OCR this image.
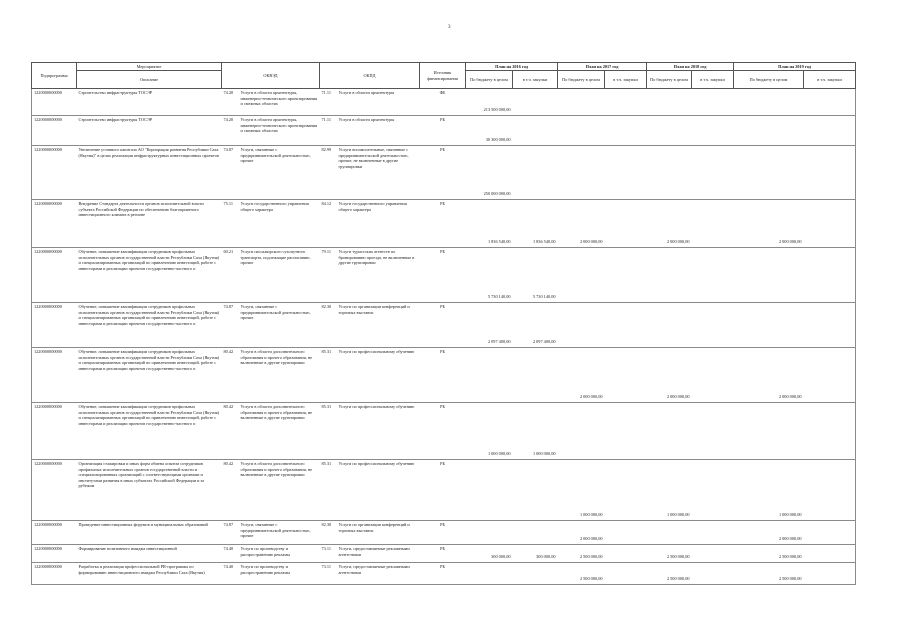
3
Подпрограмма	Мероприятие	ОКВЭД	ОКПД	Источник финансирования	План на 2016 год		План на 2017 год		План на 2018 год		План на 2019 год	
	Описание				По бюджету в целом	в т.ч. закупки	По бюджету в целом	в т.ч. закупки	По бюджету в целом	в т.ч. закупки	По бюджету в целом	в т.ч. закупки
1220000000000	Строительство инфраструктуры ТОСЭР	74.20 Услуги в области архитектуры, инженерно-технического проектирования и смежных областях	71.11 Услуги в области архитектуры	ФБ	213 500 000,00							
1220000000000	Строительство инфраструктуры ТОСЭР	74.20 Услуги в области архитектуры, инженерно-технического проектирования и смежных областях	71.11 Услуги в области архитектуры	РБ	30 300 000,00							
1220000000000	Увеличение уставного капитала АО "Корпорация развития Республики Саха (Якутия)" в целях реализации инфраструктурных инвестиционных проектов	74.87 Услуги, связанные с предпринимательской деятельностью, прочие	82.99 Услуги вспомогательные, связанные с предпринимательской деятельностью, прочие, не включенные в другие группировки	РБ	250 000 000,00							
1220000000000	Внедрение Стандарта деятельности органов исполнительной власти субъекта Российской Федерации по обеспечению благоприятного инвестиционного климата в регионе	75.11 Услуги государственного управления общего характера	84.12 Услуги государственного управления общего характера	РБ	1 836 540,00	1 836 540,00	2 000 000,00		2 000 000,00		2 000 000,00	
1220000000000	Обучение, повышение квалификации сотрудников профильных исполнительных органов государственной власти Республики Саха (Якутия) и специализированных организаций по привлечению инвестиций, работе с инвесторами и реализации проектов государственно-частного п	60.21 Услуги пассажирского сухопутного транспорта, подлежащие расписанию, прочие	79.11 Услуги туристских агентств по бронированию проезда, не включенные в другие группировки	РБ	5 730 140,00	5 730 140,00						
1220000000000	Обучение, повышение квалификации сотрудников профильных исполнительных органов государственной власти Республики Саха (Якутия) и специализированных организаций по привлечению инвестиций, работе с инвесторами и реализации проектов государственно-частного п	74.87 Услуги, связанные с предпринимательской деятельностью, прочие	82.30 Услуги по организации конференций и торговых выставок	РБ	2 097 400,00	2 097 400,00						
1220000000000	Обучение, повышение квалификации сотрудников профильных исполнительных органов государственной власти Республики Саха (Якутия) и специализированных организаций по привлечению инвестиций, работе с инвесторами и реализации проектов государственно-частного п	80.42 Услуги в области дополнительного образования и прочего образования, не включенные в другие группировки	85.31 Услуги по профессиональному обучению	РБ			2 000 000,00		2 000 000,00		2 000 000,00	
1220000000000	Обучение, повышение квалификации сотрудников профильных исполнительных органов государственной власти Республики Саха (Якутия) и специализированных организаций по привлечению инвестиций, работе с инвесторами и реализации проектов государственно-частного п	80.42 Услуги в области дополнительного образования и прочего образования, не включенные в другие группировки	85.31 Услуги по профессиональному обучению	РБ	1 000 000,00	1 000 000,00						
1220000000000	Организация стажировки и иных форм обмена опытом сотрудников профильных исполнительных органов государственной власти и специализированных организаций с соответствующими органами и институтами развития в иных субъектах Российской Федерации и за рубежом	80.42 Услуги в области дополнительного образования и прочего образования, не включенные в другие группировки	85.31 Услуги по профессиональному обучению	РБ			1 000 000,00		1 000 000,00		1 000 000,00	
1220000000000	Проведение инвестиционных форумов и муниципальных образований	74.87 Услуги, связанные с предпринимательской деятельностью, прочие	82.30 Услуги по организации конференций и торговых выставок	РБ			2 000 000,00				2 000 000,00	
1220000000000	Формирование позитивного имиджа инвестиционной	74.40 Услуги по производству и распространению рекламы	73.11 Услуги, предоставляемые рекламными агентствами	РБ	300 000,00	300 000,00	2 500 000,00		2 500 000,00		2 500 000,00	
1220000000000	Разработка и реализация профессиональной PR-программы по формированию инвестиционного имиджа Республики Саха (Якутия)	74.40 Услуги по производству и распространению рекламы	73.11 Услуги, предоставляемые рекламными агентствами	РБ			2 500 000,00		2 500 000,00		2 500 000,00	
